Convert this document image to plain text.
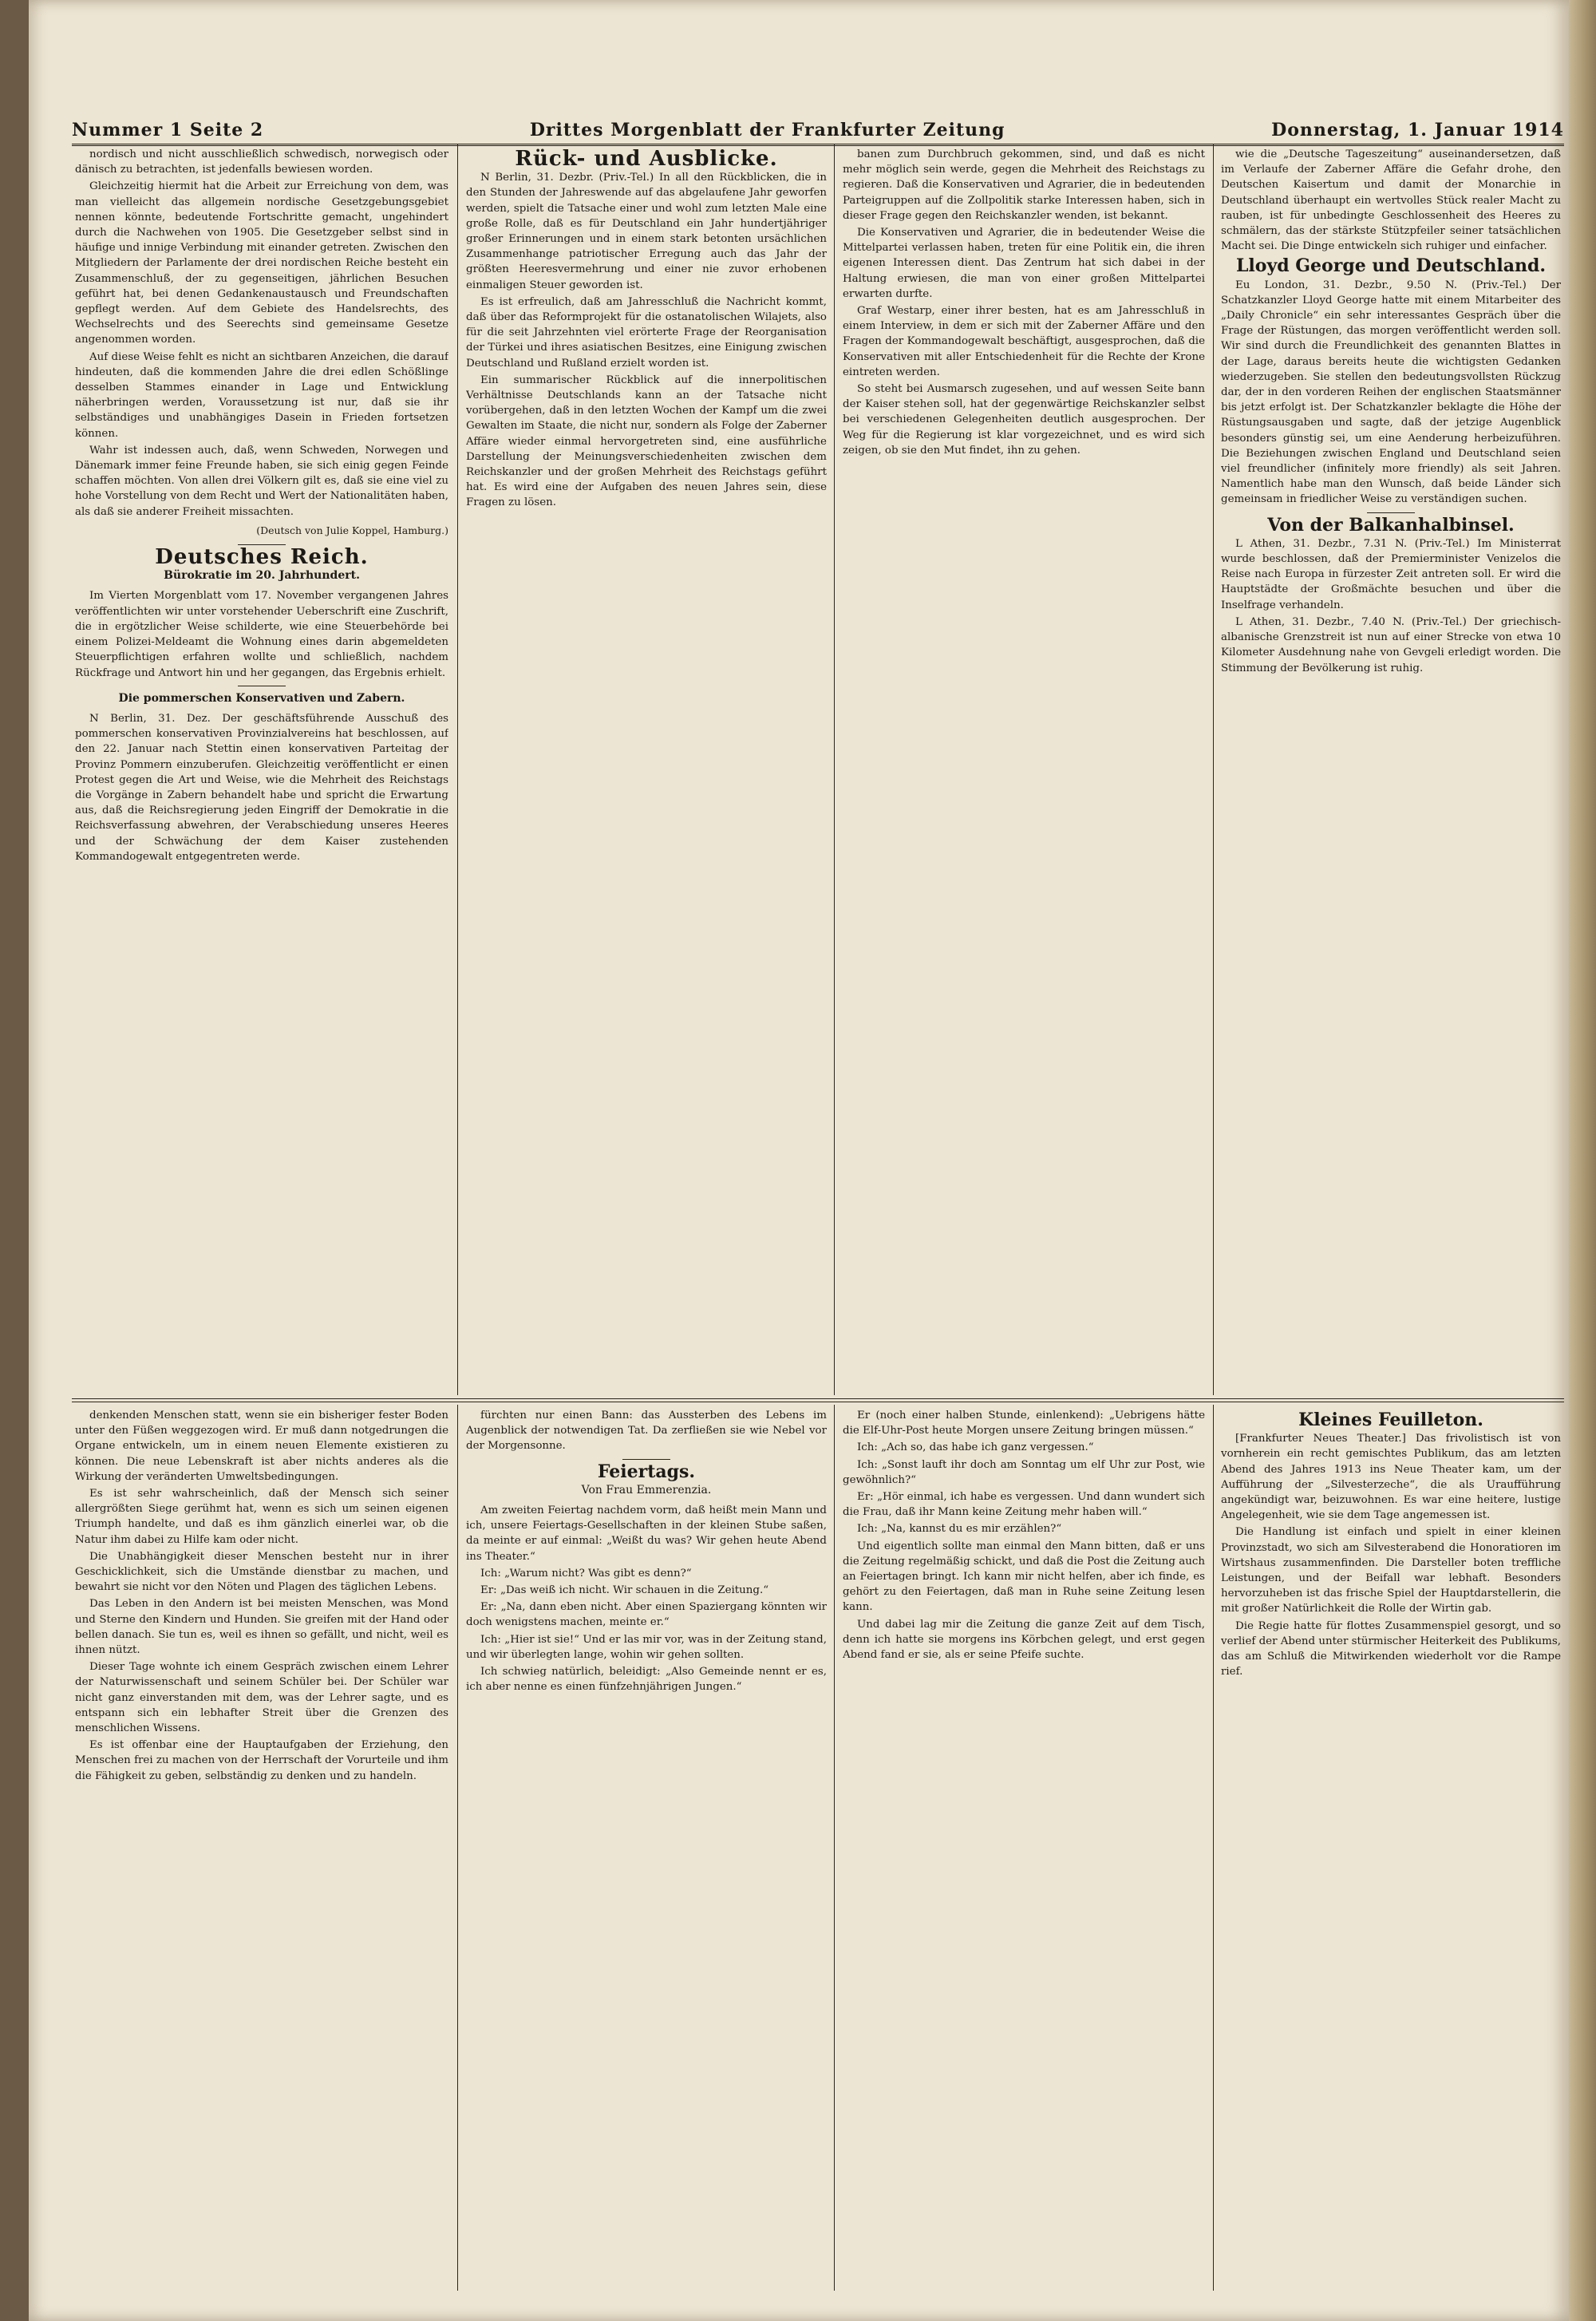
Nummer 1 Seite 2	Drittes Morgenblatt der Frankfurter Zeitung	Donnerstag, 1. Januar 1914

nordisch und nicht ausschließlich schwedisch, norwegisch oder dänisch zu betrachten, ist jedenfalls bewiesen worden.

Gleichzeitig hiermit hat die Arbeit zur Erreichung von dem, was man vielleicht das allgemein nordische Gesetzgebungsgebiet nennen könnte, bedeutende Fortschritte gemacht, ungehindert durch die Nachwehen von 1905. Die Gesetzgeber selbst sind in häufige und innige Verbindung mit einander getreten. Zwischen den Mitgliedern der Parlamente der drei nordischen Reiche besteht ein Zusammenschluß, der zu gegenseitigen, jährlichen Besuchen geführt hat, bei denen Gedankenaustausch und Freundschaften gepflegt werden. Auf dem Gebiete des Handelsrechts, des Wechselrechts und des Seerechts sind gemeinsame Gesetze angenommen worden.

Auf diese Weise fehlt es nicht an sichtbaren Anzeichen, die darauf hindeuten, daß die kommenden Jahre die drei edlen Schößlinge desselben Stammes einander in Lage und Entwicklung näherbringen werden, Voraussetzung ist nur, daß sie ihr selbständiges und unabhängiges Dasein in Frieden fortsetzen können.

Wahr ist indessen auch, daß, wenn Schweden, Norwegen und Dänemark immer feine Freunde haben, sie sich einig gegen Feinde schaffen möchten. Von allen drei Völkern gilt es, daß sie eine viel zu hohe Vorstellung von dem Recht und Wert der Nationalitäten haben, als daß sie anderer Freiheit missachten.

(Deutsch von Julie Koppel, Hamburg.)
Deutsches Reich.
Bürokratie im 20. Jahrhundert.

Im Vierten Morgenblatt vom 17. November vergangenen Jahres veröffentlichten wir unter vorstehender Ueberschrift eine Zuschrift, die in ergötzlicher Weise schilderte, wie eine Steuerbehörde bei einem Polizei-Meldeamt die Wohnung eines darin abgemeldeten Steuerpflichtigen erfahren wollte und schließlich, nachdem Rückfrage und Antwort hin und her gegangen, das Ergebnis erhielt.

Die pommerschen Konservativen und Zabern.

N Berlin, 31. Dez. Der geschäftsführende Ausschuß des pommerschen konservativen Provinzialvereins hat beschlossen, auf den 22. Januar nach Stettin einen konservativen Parteitag der Provinz Pommern einzuberufen. Gleichzeitig veröffentlicht er einen Protest gegen die Art und Weise, wie die Mehrheit des Reichstags die Vorgänge in Zabern behandelt habe und spricht die Erwartung aus, daß die Reichsregierung jeden Eingriff der Demokratie in die Reichsverfassung abwehren, der Verabschiedung unseres Heeres und der Schwächung der dem Kaiser zustehenden Kommandogewalt entgegentreten werde.

Rück- und Ausblicke.

N Berlin, 31. Dezbr. (Priv.-Tel.) In all den Rückblicken, die in den Stunden der Jahreswende auf das abgelaufene Jahr geworfen werden, spielt die Tatsache einer und wohl zum letzten Male eine große Rolle, daß es für Deutschland ein Jahr hundertjähriger großer Erinnerungen und in einem stark betonten ursächlichen Zusammenhange patriotischer Erregung auch das Jahr der größten Heeresvermehrung und einer nie zuvor erhobenen einmaligen Steuer geworden ist.

Es ist erfreulich, daß am Jahresschluß die Nachricht kommt, daß über das Reformprojekt für die ostanatolischen Wilajets, also für die seit Jahrzehnten viel erörterte Frage der Reorganisation der Türkei und ihres asiatischen Besitzes, eine Einigung zwischen Deutschland und Rußland erzielt worden ist.

Ein summarischer Rückblick auf die innerpolitischen Verhältnisse Deutschlands kann an der Tatsache nicht vorübergehen, daß in den letzten Wochen der Kampf um die zwei Gewalten im Staate, die nicht nur, sondern als Folge der Zaberner Affäre wieder einmal hervorgetreten sind, eine ausführliche Darstellung der Meinungsverschiedenheiten zwischen dem Reichskanzler und der großen Mehrheit des Reichstags geführt hat. Es wird eine der Aufgaben des neuen Jahres sein, diese Fragen zu lösen.

banen zum Durchbruch gekommen, sind, und daß es nicht mehr möglich sein werde, gegen die Mehrheit des Reichstags zu regieren. Daß die Konservativen und Agrarier, die in bedeutenden Parteigruppen auf die Zollpolitik starke Interessen haben, sich in dieser Frage gegen den Reichskanzler wenden, ist bekannt.

Die Konservativen und Agrarier, die in bedeutender Weise die Mittelpartei verlassen haben, treten für eine Politik ein, die ihren eigenen Interessen dient. Das Zentrum hat sich dabei in der Haltung erwiesen, die man von einer großen Mittelpartei erwarten durfte.

Graf Westarp, einer ihrer besten, hat es am Jahresschluß in einem Interview, in dem er sich mit der Zaberner Affäre und den Fragen der Kommandogewalt beschäftigt, ausgesprochen, daß die Konservativen mit aller Entschiedenheit für die Rechte der Krone eintreten werden.

So steht bei Ausmarsch zugesehen, und auf wessen Seite bann der Kaiser stehen soll, hat der gegenwärtige Reichskanzler selbst bei verschiedenen Gelegenheiten deutlich ausgesprochen. Der Weg für die Regierung ist klar vorgezeichnet, und es wird sich zeigen, ob sie den Mut findet, ihn zu gehen.

wie die „Deutsche Tageszeitung“ auseinandersetzen, daß im Verlaufe der Zaberner Affäre die Gefahr drohe, den Deutschen Kaisertum und damit der Monarchie in Deutschland überhaupt ein wertvolles Stück realer Macht zu rauben, ist für unbedingte Geschlossenheit des Heeres zu schmälern, das der stärkste Stützpfeiler seiner tatsächlichen Macht sei. Die Dinge entwickeln sich ruhiger und einfacher.

Lloyd George und Deutschland.

Eu London, 31. Dezbr., 9.50 N. (Priv.-Tel.) Der Schatzkanzler Lloyd George hatte mit einem Mitarbeiter des „Daily Chronicle“ ein sehr interessantes Gespräch über die Frage der Rüstungen, das morgen veröffentlicht werden soll. Wir sind durch die Freundlichkeit des genannten Blattes in der Lage, daraus bereits heute die wichtigsten Gedanken wiederzugeben. Sie stellen den bedeutungsvollsten Rückzug dar, der in den vorderen Reihen der englischen Staatsmänner bis jetzt erfolgt ist. Der Schatzkanzler beklagte die Höhe der Rüstungsausgaben und sagte, daß der jetzige Augenblick besonders günstig sei, um eine Aenderung herbeizuführen. Die Beziehungen zwischen England und Deutschland seien viel freundlicher (infinitely more friendly) als seit Jahren. Namentlich habe man den Wunsch, daß beide Länder sich gemeinsam in friedlicher Weise zu verständigen suchen.

Von der Balkanhalbinsel.

L Athen, 31. Dezbr., 7.31 N. (Priv.-Tel.) Im Ministerrat wurde beschlossen, daß der Premierminister Venizelos die Reise nach Europa in fürzester Zeit antreten soll. Er wird die Hauptstädte der Großmächte besuchen und über die Inselfrage verhandeln.

L Athen, 31. Dezbr., 7.40 N. (Priv.-Tel.) Der griechisch-albanische Grenzstreit ist nun auf einer Strecke von etwa 10 Kilometer Ausdehnung nahe von Gevgeli erledigt worden. Die Stimmung der Bevölkerung ist ruhig.

denkenden Menschen statt, wenn sie ein bisheriger fester Boden unter den Füßen weggezogen wird. Er muß dann notgedrungen die Organe entwickeln, um in einem neuen Elemente existieren zu können. Die neue Lebenskraft ist aber nichts anderes als die Wirkung der veränderten Umweltsbedingungen.

Es ist sehr wahrscheinlich, daß der Mensch sich seiner allergrößten Siege gerühmt hat, wenn es sich um seinen eigenen Triumph handelte, und daß es ihm gänzlich einerlei war, ob die Natur ihm dabei zu Hilfe kam oder nicht.

Die Unabhängigkeit dieser Menschen besteht nur in ihrer Geschicklichkeit, sich die Umstände dienstbar zu machen, und bewahrt sie nicht vor den Nöten und Plagen des täglichen Lebens.

Das Leben in den Andern ist bei meisten Menschen, was Mond und Sterne den Kindern und Hunden. Sie greifen mit der Hand oder bellen danach. Sie tun es, weil es ihnen so gefällt, und nicht, weil es ihnen nützt.

Dieser Tage wohnte ich einem Gespräch zwischen einem Lehrer der Naturwissenschaft und seinem Schüler bei. Der Schüler war nicht ganz einverstanden mit dem, was der Lehrer sagte, und es entspann sich ein lebhafter Streit über die Grenzen des menschlichen Wissens.

Es ist offenbar eine der Hauptaufgaben der Erziehung, den Menschen frei zu machen von der Herrschaft der Vorurteile und ihm die Fähigkeit zu geben, selbständig zu denken und zu handeln.

fürchten nur einen Bann: das Aussterben des Lebens im Augenblick der notwendigen Tat. Da zerfließen sie wie Nebel vor der Morgensonne.

Feiertags.
Von Frau Emmerenzia.

Am zweiten Feiertag nachdem vorm, daß heißt mein Mann und ich, unsere Feiertags-Gesellschaften in der kleinen Stube saßen, da meinte er auf einmal: „Weißt du was? Wir gehen heute Abend ins Theater.“

Ich: „Warum nicht? Was gibt es denn?“

Er: „Das weiß ich nicht. Wir schauen in die Zeitung.“

Er: „Na, dann eben nicht. Aber einen Spaziergang könnten wir doch wenigstens machen, meinte er.“

Ich: „Hier ist sie!“ Und er las mir vor, was in der Zeitung stand, und wir überlegten lange, wohin wir gehen sollten.

Ich schwieg natürlich, beleidigt: „Also Gemeinde nennt er es, ich aber nenne es einen fünfzehnjährigen Jungen.“

Er (noch einer halben Stunde, einlenkend): „Uebrigens hätte die Elf-Uhr-Post heute Morgen unsere Zeitung bringen müssen.“

Ich: „Ach so, das habe ich ganz vergessen.“

Ich: „Sonst lauft ihr doch am Sonntag um elf Uhr zur Post, wie gewöhnlich?“

Er: „Hör einmal, ich habe es vergessen. Und dann wundert sich die Frau, daß ihr Mann keine Zeitung mehr haben will.“

Ich: „Na, kannst du es mir erzählen?“

Und eigentlich sollte man einmal den Mann bitten, daß er uns die Zeitung regelmäßig schickt, und daß die Post die Zeitung auch an Feiertagen bringt. Ich kann mir nicht helfen, aber ich finde, es gehört zu den Feiertagen, daß man in Ruhe seine Zeitung lesen kann.

Und dabei lag mir die Zeitung die ganze Zeit auf dem Tisch, denn ich hatte sie morgens ins Körbchen gelegt, und erst gegen Abend fand er sie, als er seine Pfeife suchte.

Kleines Feuilleton.

[Frankfurter Neues Theater.] Das frivolistisch ist von vornherein ein recht gemischtes Publikum, das am letzten Abend des Jahres 1913 ins Neue Theater kam, um der Aufführung der „Silvesterzeche“, die als Uraufführung angekündigt war, beizuwohnen. Es war eine heitere, lustige Angelegenheit, wie sie dem Tage angemessen ist.

Die Handlung ist einfach und spielt in einer kleinen Provinzstadt, wo sich am Silvesterabend die Honoratioren im Wirtshaus zusammenfinden. Die Darsteller boten treffliche Leistungen, und der Beifall war lebhaft. Besonders hervorzuheben ist das frische Spiel der Hauptdarstellerin, die mit großer Natürlichkeit die Rolle der Wirtin gab.

Die Regie hatte für flottes Zusammenspiel gesorgt, und so verlief der Abend unter stürmischer Heiterkeit des Publikums, das am Schluß die Mitwirkenden wiederholt vor die Rampe rief.
